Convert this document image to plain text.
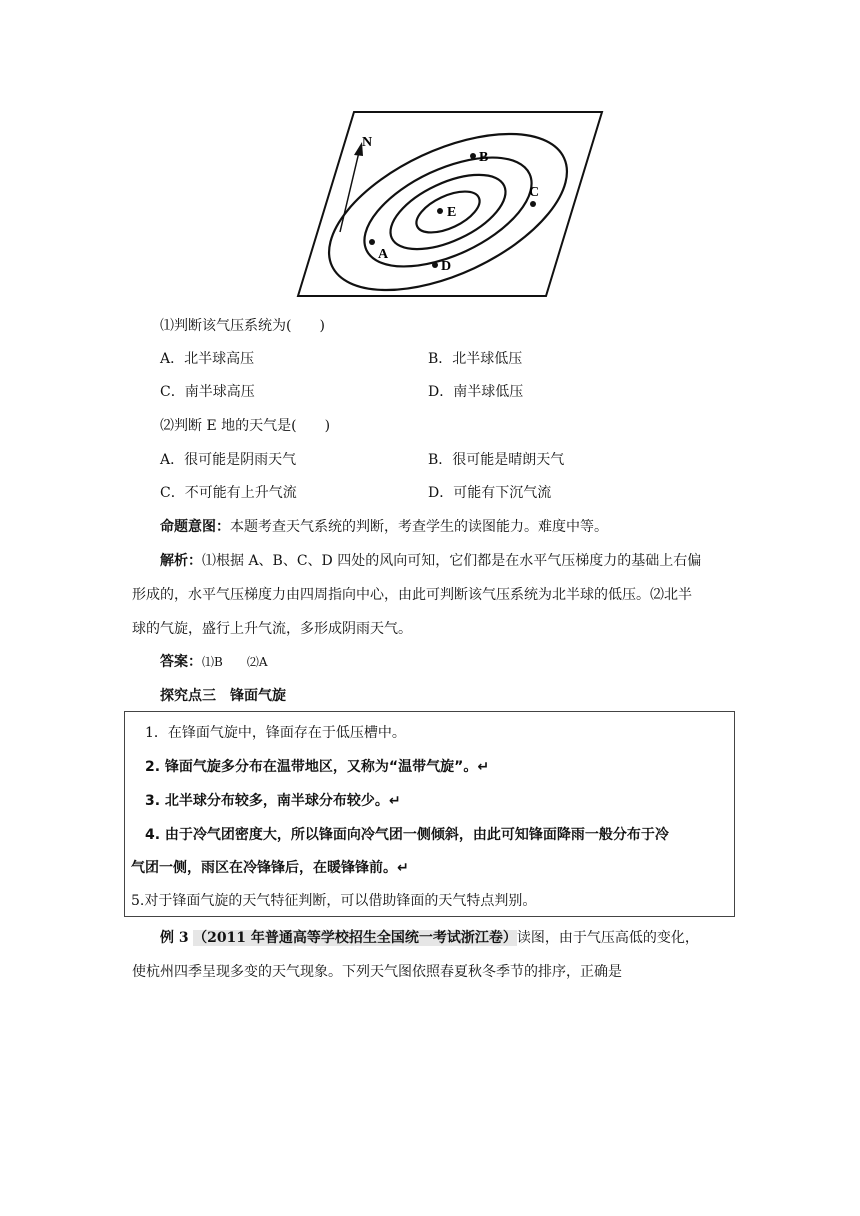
N
A
B
C
D
E
⑴判断该气压系统为(　　)
A．北半球高压	B．北半球低压
C．南半球高压	D．南半球低压
⑵判断 E 地的天气是(　　)
A．很可能是阴雨天气	B．很可能是晴朗天气
C．不可能有上升气流	D．可能有下沉气流
命题意图：本题考查天气系统的判断，考查学生的读图能力。难度中等。
解析：⑴根据 A、B、C、D 四处的风向可知，它们都是在水平气压梯度力的基础上右偏
形成的，水平气压梯度力由四周指向中心，由此可判断该气压系统为北半球的低压。⑵北半
球的气旋，盛行上升气流，多形成阴雨天气。
答案：⑴B　　⑵A
探究点三　锋面气旋
1．在锋面气旋中，锋面存在于低压槽中。
2. 锋面气旋多分布在温带地区，又称为“温带气旋”。↵
3. 北半球分布较多，南半球分布较少。↵
4. 由于冷气团密度大，所以锋面向冷气团一侧倾斜，由此可知锋面降雨一般分布于冷
气团一侧，雨区在冷锋锋后，在暖锋锋前。↵
5.对于锋面气旋的天气特征判断，可以借助锋面的天气特点判别。
例 3 （2011 年普通高等学校招生全国统一考试浙江卷）读图，由于气压高低的变化，
使杭州四季呈现多变的天气现象。下列天气图依照春夏秋冬季节的排序，正确是
